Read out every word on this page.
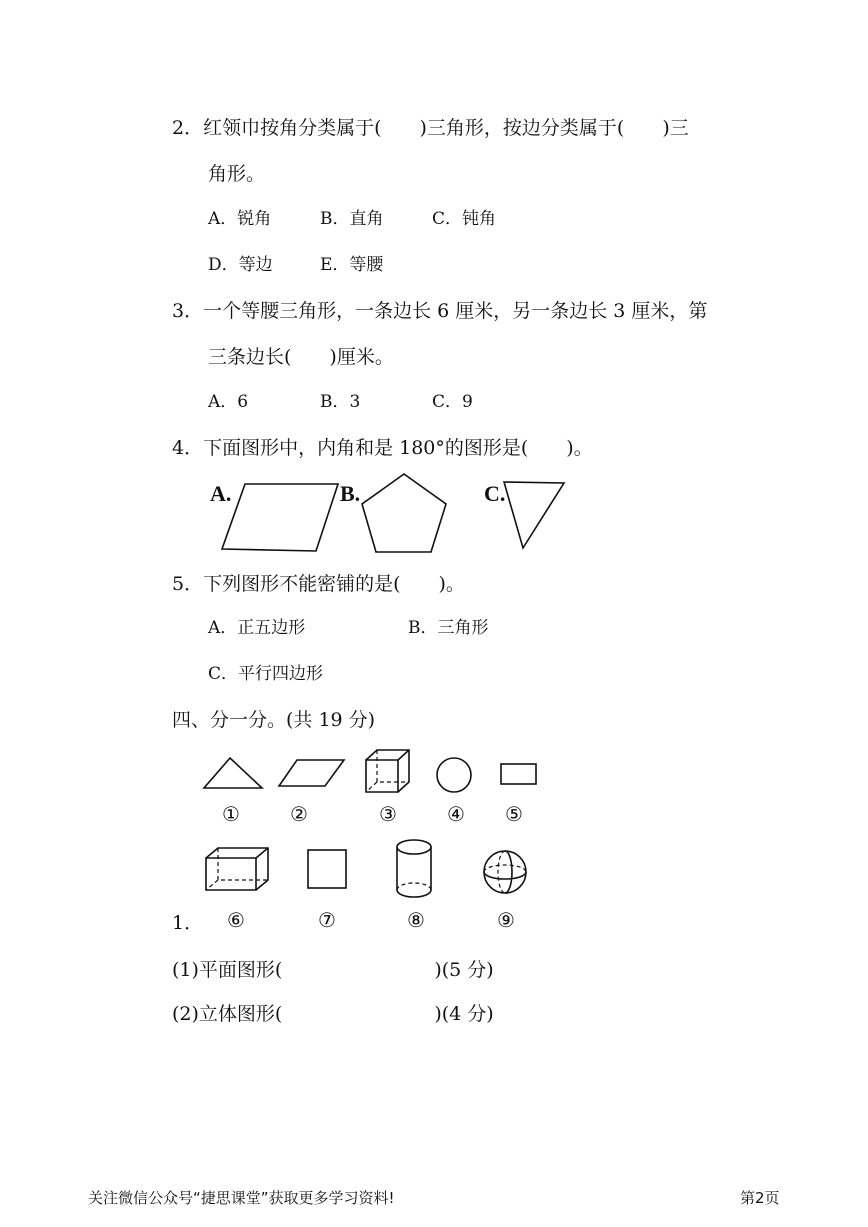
2．红领巾按角分类属于(　　)三角形，按边分类属于(　　)三
角形。
A．锐角	B．直角	C．钝角
D．等边	E．等腰
3．一个等腰三角形，一条边长 6 厘米，另一条边长 3 厘米，第
三条边长(　　)厘米。
A．6	B．3	C．9
4．下面图形中，内角和是 180°的图形是(　　)。
A.	B.	C.
5．下列图形不能密铺的是(　　)。
A．正五边形	B．三角形
C．平行四边形
四、分一分。(共 19 分)
①	②	③	④ ⑤
1． ⑥	⑦	⑧	⑨
(1)平面图形(　　　　　　　　)(5 分)
(2)立体图形(　　　　　　　　)(4 分)
关注微信公众号“捷思课堂”获取更多学习资料!	第2页
